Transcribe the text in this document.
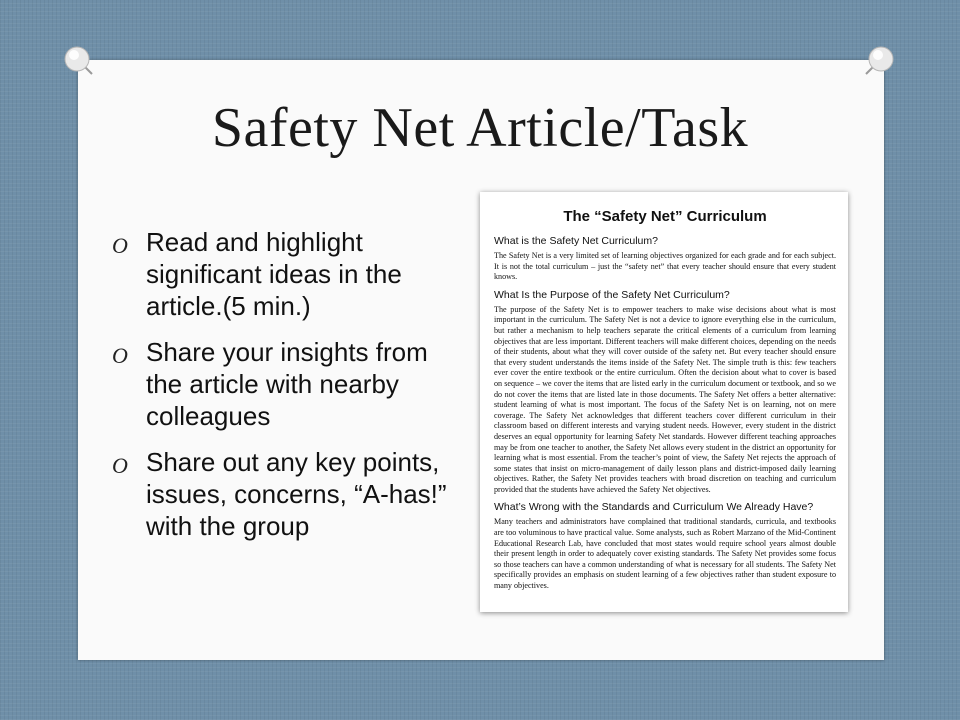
Safety Net Article/Task
O Read and highlight significant ideas in the article.(5 min.)
O Share your insights from the article with nearby colleagues
O Share out any key points, issues, concerns, “A-has!” with the group
The “Safety Net” Curriculum
What is the Safety Net Curriculum?

The Safety Net is a very limited set of learning objectives organized for each grade and for each subject. It is not the total curriculum – just the “safety net” that every teacher should ensure that every student knows.

What Is the Purpose of the Safety Net Curriculum?

The purpose of the Safety Net is to empower teachers to make wise decisions about what is most important in the curriculum. The Safety Net is not a device to ignore everything else in the curriculum, but rather a mechanism to help teachers separate the critical elements of a curriculum from learning objectives that are less important. Different teachers will make different choices, depending on the needs of their students, about what they will cover outside of the safety net. But every teacher should ensure that every student understands the items inside of the Safety Net. The simple truth is this: few teachers ever cover the entire textbook or the entire curriculum. Often the decision about what to cover is based on sequence – we cover the items that are listed early in the curriculum document or textbook, and so we do not cover the items that are listed late in those documents. The Safety Net offers a better alternative: student learning of what is most important. The focus of the Safety Net is on learning, not on mere coverage. The Safety Net acknowledges that different teachers cover different curriculum in their classroom based on different interests and varying student needs. However, every student in the district deserves an equal opportunity for learning Safety Net standards. However different teaching approaches may be from one teacher to another, the Safety Net allows every student in the district an opportunity for learning what is most essential. From the teacher’s point of view, the Safety Net rejects the approach of some states that insist on micro-management of daily lesson plans and district-imposed daily learning objectives. Rather, the Safety Net provides teachers with broad discretion on teaching and curriculum provided that the students have achieved the Safety Net objectives.

What’s Wrong with the Standards and Curriculum We Already Have?

Many teachers and administrators have complained that traditional standards, curricula, and textbooks are too voluminous to have practical value. Some analysts, such as Robert Marzano of the Mid-Continent Educational Research Lab, have concluded that most states would require school years almost double their present length in order to adequately cover existing standards. The Safety Net provides some focus so those teachers can have a common understanding of what is necessary for all students. The Safety Net specifically provides an emphasis on student learning of a few objectives rather than student exposure to many objectives.
